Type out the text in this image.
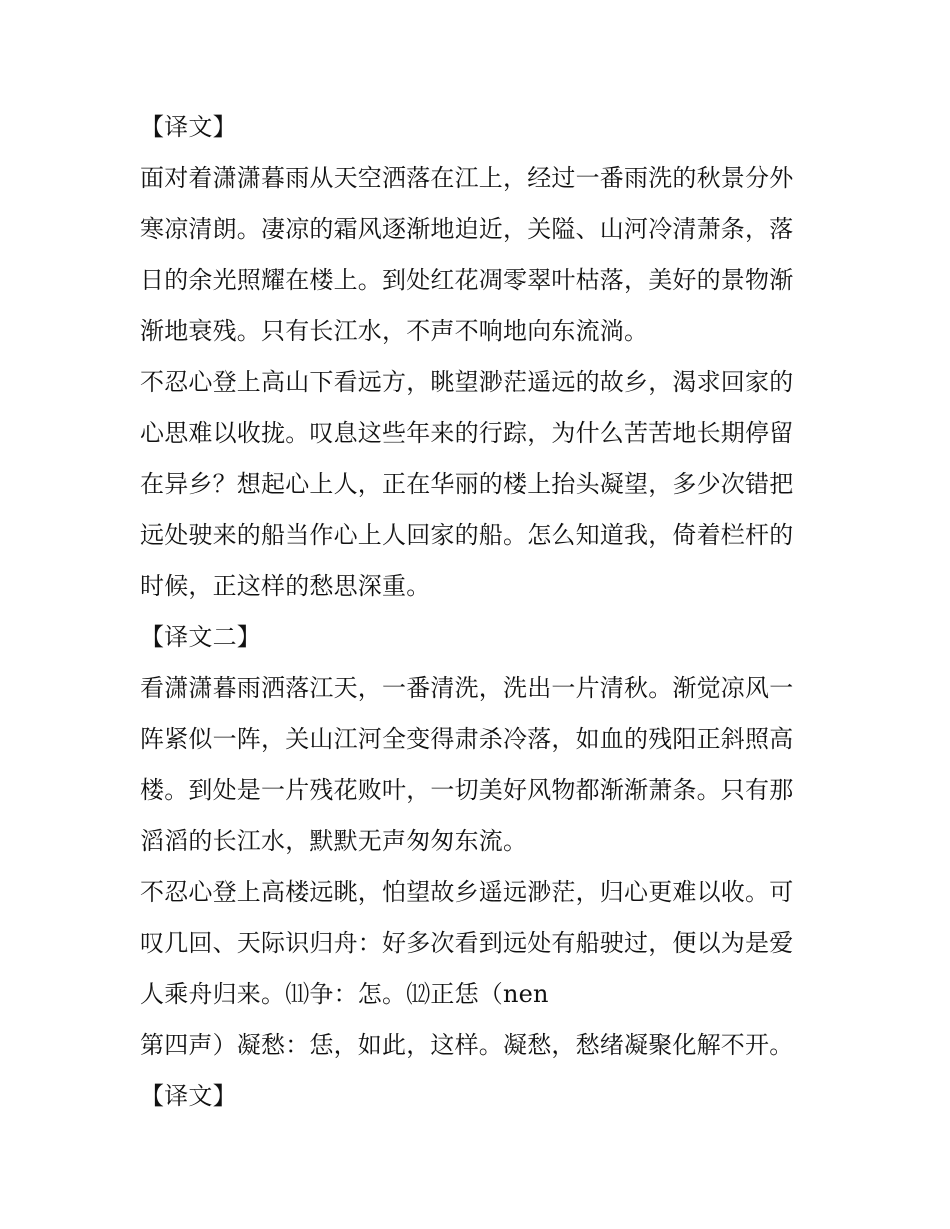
【译文】
面对着潇潇暮雨从天空洒落在江上，经过一番雨洗的秋景分外
寒凉清朗。凄凉的霜风逐渐地迫近，关隘、山河冷清萧条，落
日的余光照耀在楼上。到处红花凋零翠叶枯落，美好的景物渐
渐地衰残。只有长江水，不声不响地向东流淌。
不忍心登上高山下看远方，眺望渺茫遥远的故乡，渴求回家的
心思难以收拢。叹息这些年来的行踪，为什么苦苦地长期停留
在异乡？想起心上人，正在华丽的楼上抬头凝望，多少次错把
远处驶来的船当作心上人回家的船。怎么知道我，倚着栏杆的
时候，正这样的愁思深重。
【译文二】
看潇潇暮雨洒落江天，一番清洗，洗出一片清秋。渐觉凉风一
阵紧似一阵，关山江河全变得肃杀冷落，如血的残阳正斜照高
楼。到处是一片残花败叶，一切美好风物都渐渐萧条。只有那
滔滔的长江水，默默无声匆匆东流。
不忍心登上高楼远眺，怕望故乡遥远渺茫，归心更难以收。可
叹几回、天际识归舟：好多次看到远处有船驶过，便以为是爱
人乘舟归来。⑾争：怎。⑿正恁（nen
第四声）凝愁：恁，如此，这样。凝愁，愁绪凝聚化解不开。
【译文】
